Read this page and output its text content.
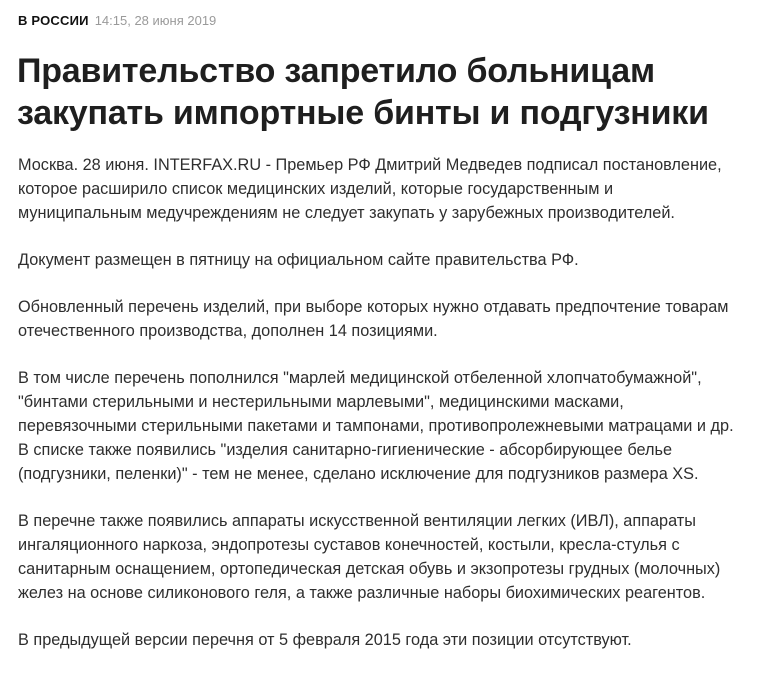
В РОССИИ 14:15, 28 июня 2019
Правительство запретило больницам
закупать импортные бинты и подгузники

Москва. 28 июня. INTERFAX.RU - Премьер РФ Дмитрий Медведев подписал постановление,
которое расширило список медицинских изделий, которые государственным и
муниципальным медучреждениям не следует закупать у зарубежных производителей.

Документ размещен в пятницу на официальном сайте правительства РФ.

Обновленный перечень изделий, при выборе которых нужно отдавать предпочтение товарам
отечественного производства, дополнен 14 позициями.

В том числе перечень пополнился "марлей медицинской отбеленной хлопчатобумажной",
"бинтами стерильными и нестерильными марлевыми", медицинскими масками,
перевязочными стерильными пакетами и тампонами, противопролежневыми матрацами и др.
В списке также появились "изделия санитарно-гигиенические - абсорбирующее белье
(подгузники, пеленки)" - тем не менее, сделано исключение для подгузников размера XS.

В перечне также появились аппараты искусственной вентиляции легких (ИВЛ), аппараты
ингаляционного наркоза, эндопротезы суставов конечностей, костыли, кресла-стулья с
санитарным оснащением, ортопедическая детская обувь и экзопротезы грудных (молочных)
желез на основе силиконового геля, а также различные наборы биохимических реагентов.

В предыдущей версии перечня от 5 февраля 2015 года эти позиции отсутствуют.
